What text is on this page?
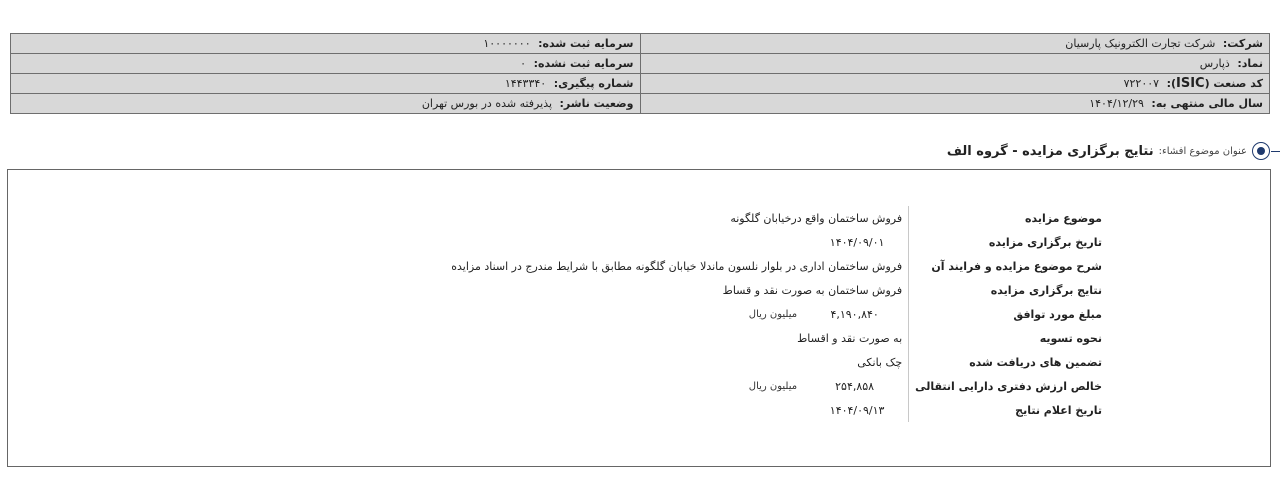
شرکت: شرکت تجارت الکترونیک پارسیان	سرمایه ثبت شده: ۱۰۰۰۰۰۰۰
نماد: ذپارس	سرمایه ثبت نشده: ۰
کد صنعت (ISIC): ۷۲۲۰۰۷	شماره پیگیری: ۱۴۴۳۳۴۰
سال مالی منتهی به: ۱۴۰۴/۱۲/۲۹	وضعیت ناشر: پذیرفته شده در بورس تهران
عنوان موضوع افشاء:
نتایج برگزاری مزایده - گروه الف
موضوع مزایده	فروش ساختمان واقع درخیابان گلگونه
تاریخ برگزاری مزایده	۱۴۰۴/۰۹/۰۱
شرح موضوع مزایده و فرایند آن	فروش ساختمان اداری در بلوار نلسون ماندلا خیابان گلگونه مطابق با شرایط مندرج در اسناد مزایده
نتایج برگزاری مزایده	فروش ساختمان به صورت نقد و قساط
مبلغ مورد توافق	۴,۱۹۰,۸۴۰
میلیون ریال

نحوه تسویه	به صورت نقد و اقساط
تضمین های دریافت شده	چک بانکی
خالص ارزش دفتری دارایی انتقالی	۲۵۴,۸۵۸
میلیون ریال

تاریخ اعلام نتایج	۱۴۰۴/۰۹/۱۳
